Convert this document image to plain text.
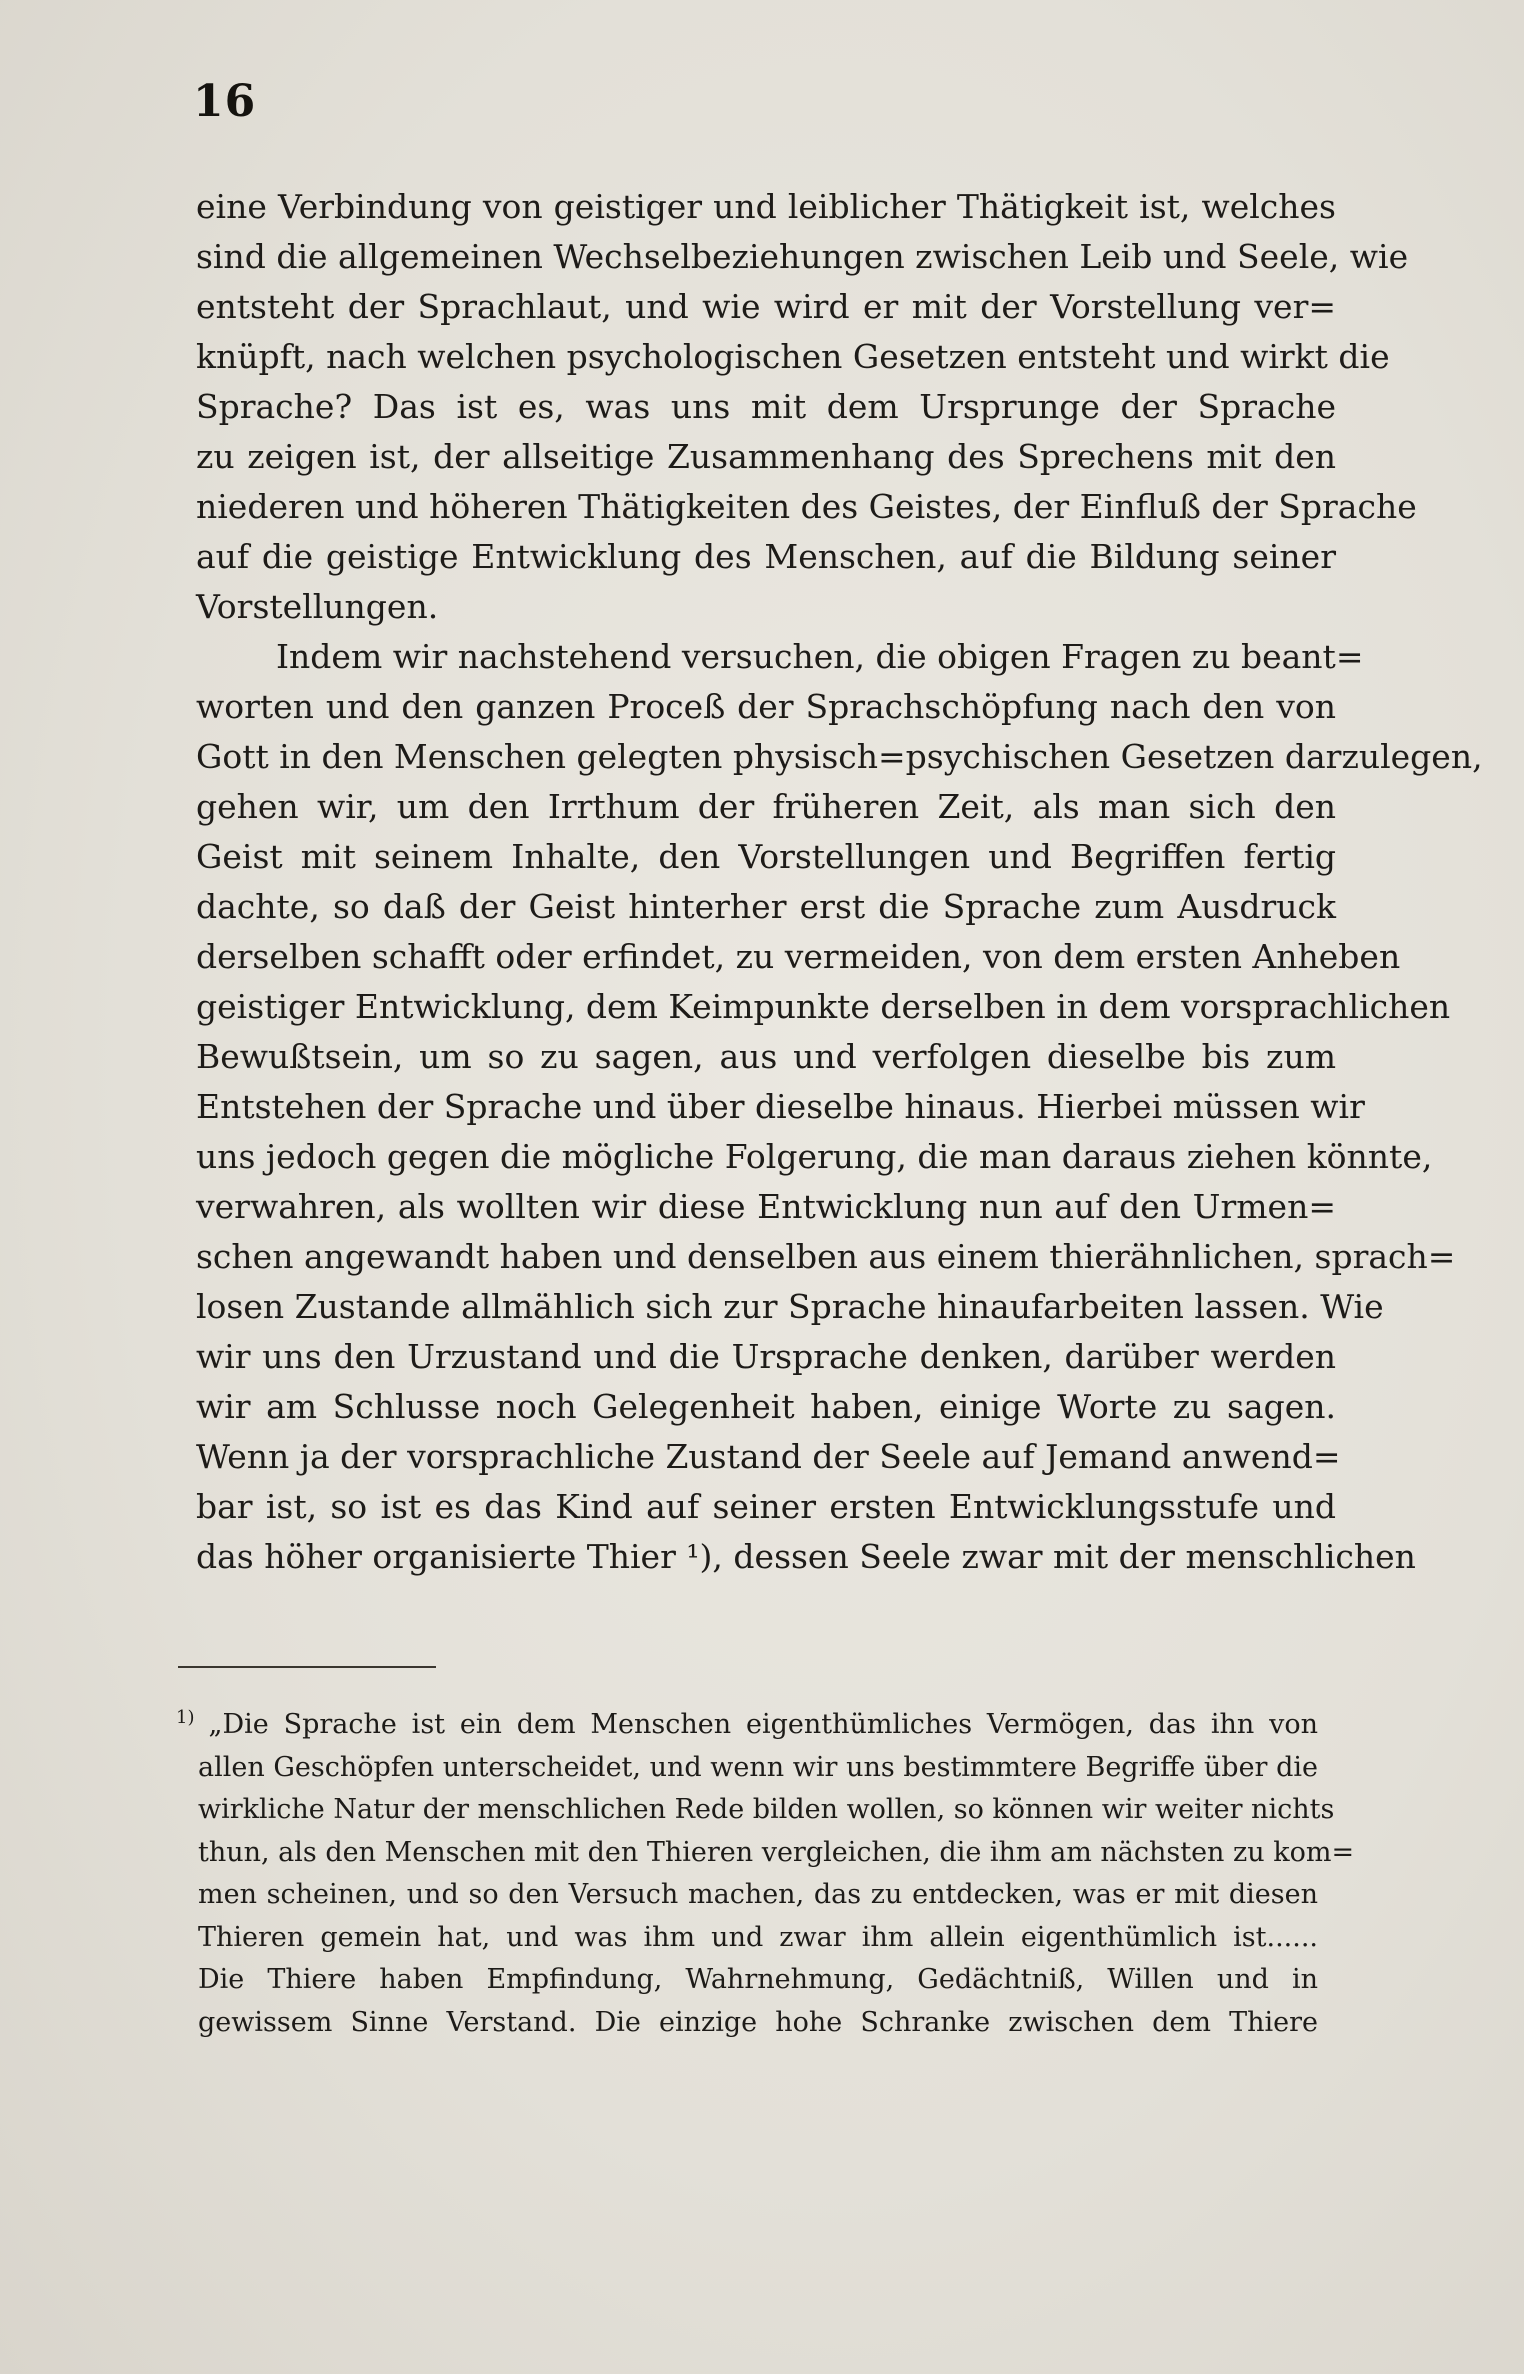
16
eine Verbindung von geistiger und leiblicher Thätigkeit ist, welches
sind die allgemeinen Wechselbeziehungen zwischen Leib und Seele, wie
entsteht der Sprachlaut, und wie wird er mit der Vorstellung ver=
knüpft, nach welchen psychologischen Gesetzen entsteht und wirkt die
Sprache? Das ist es, was uns mit dem Ursprunge der Sprache
zu zeigen ist, der allseitige Zusammenhang des Sprechens mit den
niederen und höheren Thätigkeiten des Geistes, der Einfluß der Sprache
auf die geistige Entwicklung des Menschen, auf die Bildung seiner
Vorstellungen.
Indem wir nachstehend versuchen, die obigen Fragen zu beant=
worten und den ganzen Proceß der Sprachschöpfung nach den von
Gott in den Menschen gelegten physisch=psychischen Gesetzen darzulegen,
gehen wir, um den Irrthum der früheren Zeit, als man sich den
Geist mit seinem Inhalte, den Vorstellungen und Begriffen fertig
dachte, so daß der Geist hinterher erst die Sprache zum Ausdruck
derselben schafft oder erfindet, zu vermeiden, von dem ersten Anheben
geistiger Entwicklung, dem Keimpunkte derselben in dem vorsprachlichen
Bewußtsein, um so zu sagen, aus und verfolgen dieselbe bis zum
Entstehen der Sprache und über dieselbe hinaus. Hierbei müssen wir
uns jedoch gegen die mögliche Folgerung, die man daraus ziehen könnte,
verwahren, als wollten wir diese Entwicklung nun auf den Urmen=
schen angewandt haben und denselben aus einem thierähnlichen, sprach=
losen Zustande allmählich sich zur Sprache hinaufarbeiten lassen. Wie
wir uns den Urzustand und die Ursprache denken, darüber werden
wir am Schlusse noch Gelegenheit haben, einige Worte zu sagen.
Wenn ja der vorsprachliche Zustand der Seele auf Jemand anwend=
bar ist, so ist es das Kind auf seiner ersten Entwicklungsstufe und
das höher organisierte Thier ¹), dessen Seele zwar mit der menschlichen
$^{1)}$ „Die Sprache ist ein dem Menschen eigenthümliches Vermögen, das ihn von
allen Geschöpfen unterscheidet, und wenn wir uns bestimmtere Begriffe über die
wirkliche Natur der menschlichen Rede bilden wollen, so können wir weiter nichts
thun, als den Menschen mit den Thieren vergleichen, die ihm am nächsten zu kom=
men scheinen, und so den Versuch machen, das zu entdecken, was er mit diesen
Thieren gemein hat, und was ihm und zwar ihm allein eigenthümlich ist......
Die Thiere haben Empfindung, Wahrnehmung, Gedächtniß, Willen und in
gewissem Sinne Verstand. Die einzige hohe Schranke zwischen dem Thiere
